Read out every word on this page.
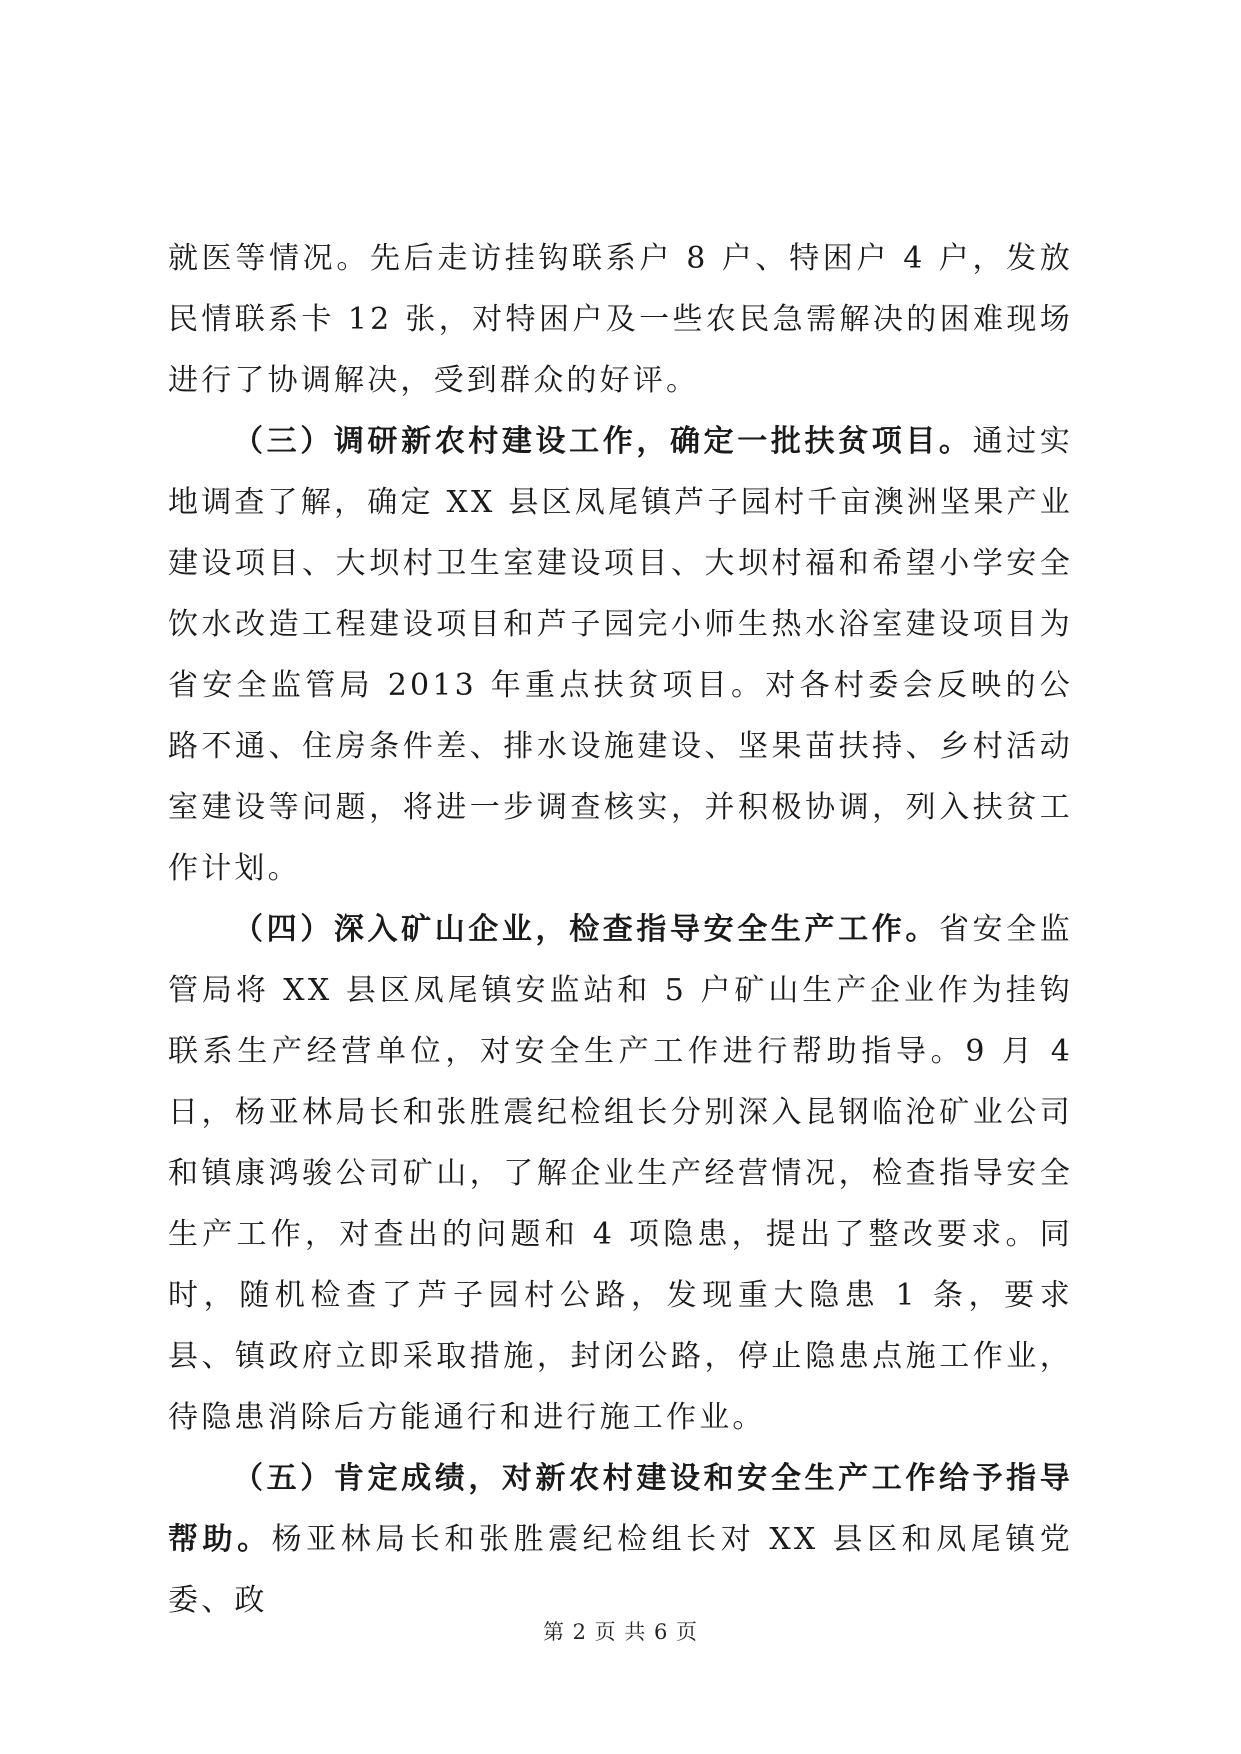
就医等情况。先后走访挂钩联系户 8 户、特困户 4 户，发放民情联系卡 12 张，对特困户及一些农民急需解决的困难现场进行了协调解决，受到群众的好评。

（三）调研新农村建设工作，确定一批扶贫项目。通过实地调查了解，确定 XX 县区凤尾镇芦子园村千亩澳洲坚果产业建设项目、大坝村卫生室建设项目、大坝村福和希望小学安全饮水改造工程建设项目和芦子园完小师生热水浴室建设项目为省安全监管局 2013 年重点扶贫项目。对各村委会反映的公路不通、住房条件差、排水设施建设、坚果苗扶持、乡村活动室建设等问题，将进一步调查核实，并积极协调，列入扶贫工作计划。

（四）深入矿山企业，检查指导安全生产工作。省安全监管局将 XX 县区凤尾镇安监站和 5 户矿山生产企业作为挂钩联系生产经营单位，对安全生产工作进行帮助指导。9 月 4 日，杨亚林局长和张胜震纪检组长分别深入昆钢临沧矿业公司和镇康鸿骏公司矿山，了解企业生产经营情况，检查指导安全生产工作，对查出的问题和 4 项隐患，提出了整改要求。同时，随机检查了芦子园村公路，发现重大隐患 1 条，要求县、镇政府立即采取措施，封闭公路，停止隐患点施工作业，待隐患消除后方能通行和进行施工作业。

（五）肯定成绩，对新农村建设和安全生产工作给予指导帮助。杨亚林局长和张胜震纪检组长对 XX 县区和凤尾镇党委、政

第 2 页 共 6 页
